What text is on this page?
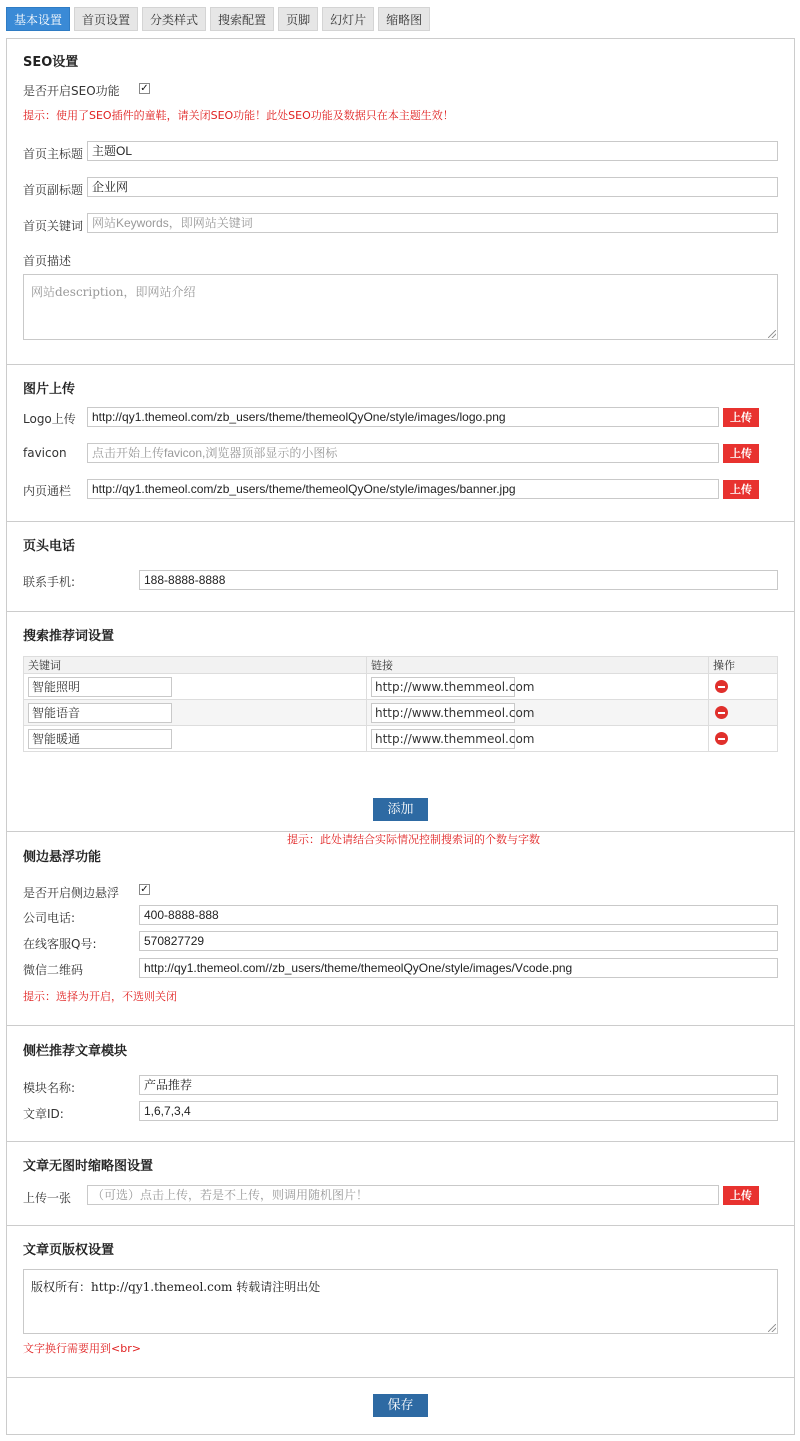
基本设置	首页设置	分类样式	搜索配置	页脚	幻灯片	缩略图
SEO设置
是否开启SEO功能 ✓
提示：使用了SEO插件的童鞋，请关闭SEO功能！此处SEO功能及数据只在本主题生效！
首页主标题 主题OL
首页副标题 企业网
首页关键词 网站Keywords，即网站关键词
首页描述
网站description，即网站介绍
图片上传
Logo上传	http://qy1.themeol.com/zb_users/theme/themeolQyOne/style/images/logo.png	上传
favicon	点击开始上传favicon,浏览器顶部显示的小图标	上传
内页通栏	http://qy1.themeol.com/zb_users/theme/themeolQyOne/style/images/banner.jpg	上传
页头电话
联系手机:	188-8888-8888
搜索推荐词设置
关键词	链接	操作
智能照明	http://www.themmeol.com	
智能语音	http://www.themmeol.com	
智能暖通	http://www.themmeol.com	
添加
提示：此处请结合实际情况控制搜索词的个数与字数
侧边悬浮功能
是否开启侧边悬浮 ✓
公司电话:	400-8888-888
在线客服Q号:	570827729
微信二维码	http://qy1.themeol.com//zb_users/theme/themeolQyOne/style/images/Vcode.png
提示：选择为开启，不选则关闭
侧栏推荐文章模块
模块名称:	产品推荐
文章ID:	1,6,7,3,4
文章无图时缩略图设置
上传一张	（可选）点击上传，若是不上传，则调用随机图片！	上传
文章页版权设置
版权所有：http://qy1.themeol.com 转载请注明出处
文字换行需要用到<br>
保存
